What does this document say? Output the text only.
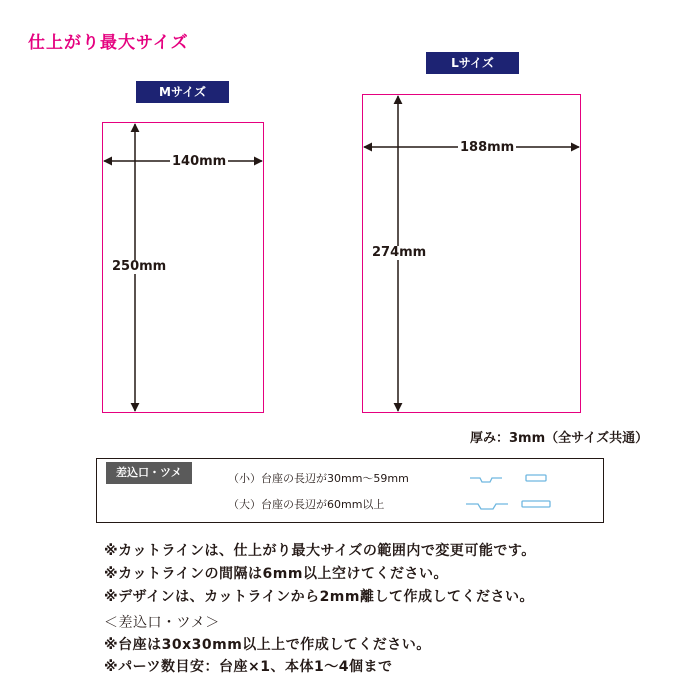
仕上がり最大サイズ
Mサイズ
Lサイズ
140mm
250mm
188mm
274mm
厚み：3mm（全サイズ共通）
差込口・ツメ	（小）台座の長辺が30mm〜59mm
（大）台座の長辺が60mm以上
※カットラインは、仕上がり最大サイズの範囲内で変更可能です。
※カットラインの間隔は6mm以上空けてください。
※デザインは、カットラインから2mm離して作成してください。
＜差込口・ツメ＞
※台座は30x30mm以上上で作成してください。
※パーツ数目安：台座×1、本体1〜4個まで
